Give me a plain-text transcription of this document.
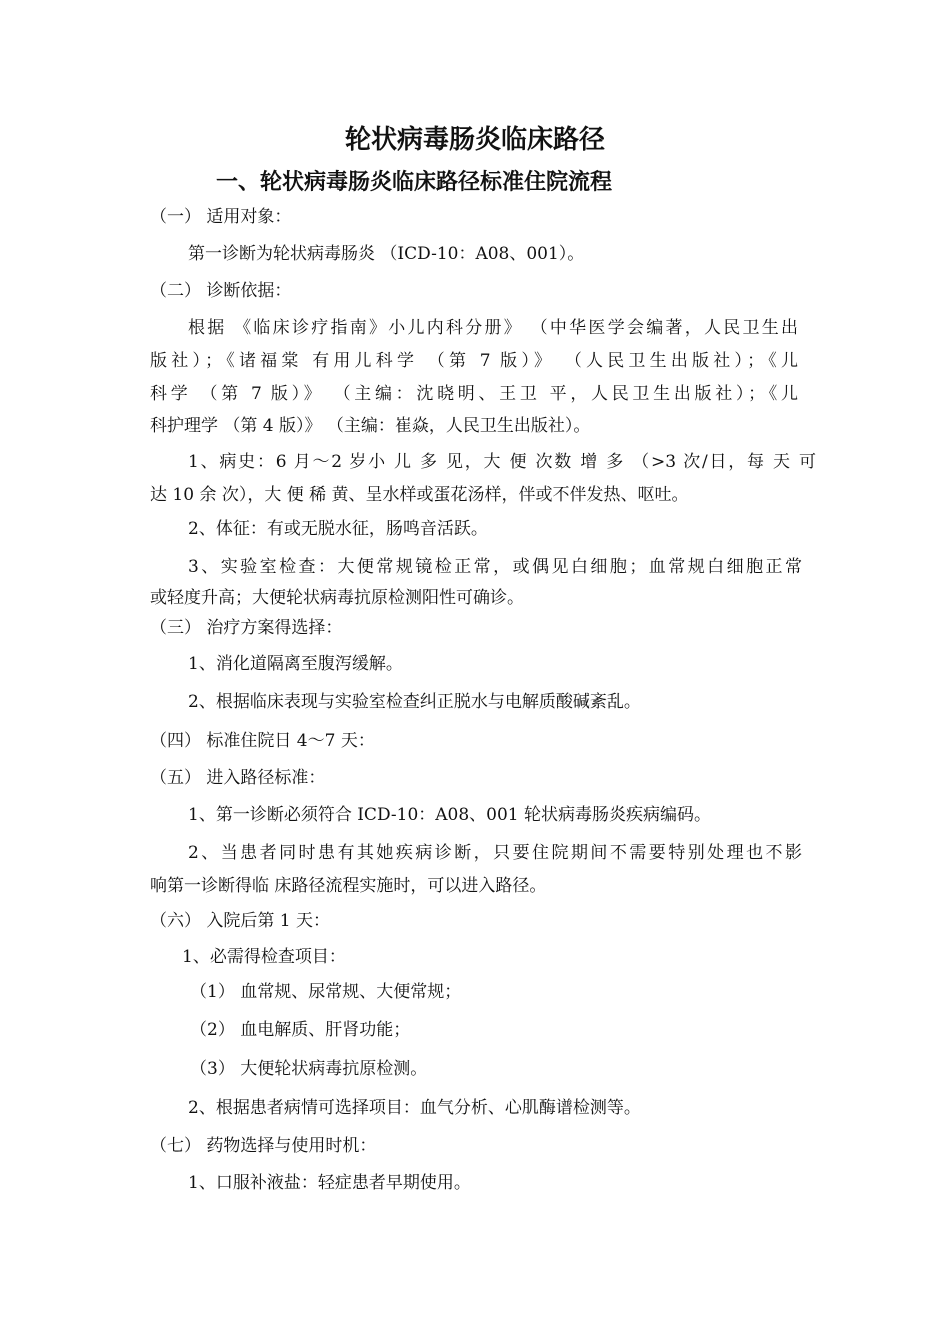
轮状病毒肠炎临床路径
一、轮状病毒肠炎临床路径标准住院流程
（一） 适用对象：
第一诊断为轮状病毒肠炎 （ICD-10：A08、001）。
（二） 诊断依据：
根据 《临床诊疗指南》小儿内科分册》 （中华医学会编著，人民卫生出
版社）；《诸福棠 有用儿科学 （第 7 版）》 （人民卫生出版社）；《儿
科学 （第 7 版）》 （主编：沈晓明、王卫 平，人民卫生出版社）；《儿
科护理学 （第 4 版）》 （主编：崔焱，人民卫生出版社）。
1、病史：6 月～2 岁小 儿 多 见，大 便 次数 增 多 （>3 次/日，每 天 可
达 10 余 次），大 便 稀 黄、呈水样或蛋花汤样，伴或不伴发热、呕吐。
2、体征：有或无脱水征，肠鸣音活跃。
3、实验室检查：大便常规镜检正常，或偶见白细胞；血常规白细胞正常
或轻度升高；大便轮状病毒抗原检测阳性可确诊。
（三） 治疗方案得选择：
1、消化道隔离至腹泻缓解。
2、根据临床表现与实验室检查纠正脱水与电解质酸碱紊乱。
（四） 标准住院日 4～7 天：
（五） 进入路径标准：
1、第一诊断必须符合 ICD-10：A08、001 轮状病毒肠炎疾病编码。
2、当患者同时患有其她疾病诊断，只要住院期间不需要特别处理也不影
响第一诊断得临 床路径流程实施时，可以进入路径。
（六） 入院后第 1 天：
1、必需得检查项目：
（1） 血常规、尿常规、大便常规；
（2） 血电解质、肝肾功能；
（3） 大便轮状病毒抗原检测。
2、根据患者病情可选择项目：血气分析、心肌酶谱检测等。
（七） 药物选择与使用时机：
1、口服补液盐：轻症患者早期使用。
